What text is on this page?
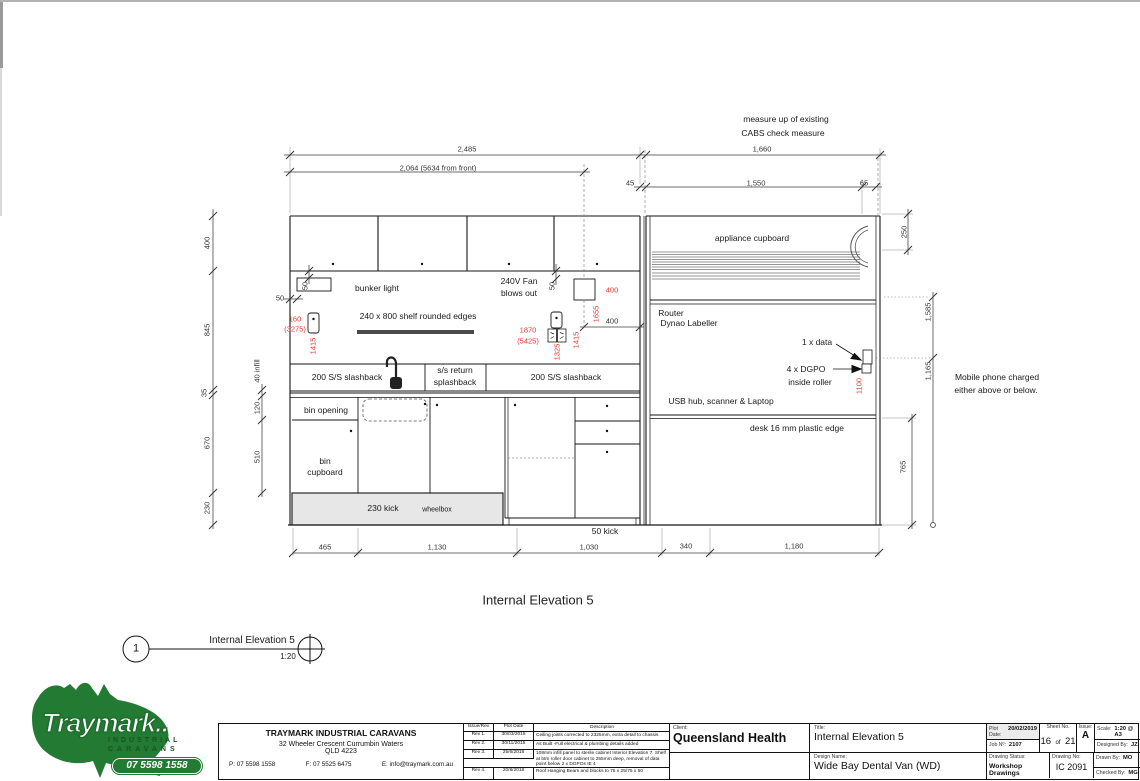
measure up of existing
CABS check measure
bunker light
240V Fan
blows out
240 x 800 shelf rounded edges
200 S/S slashback
s/s return
splashback	200 S/S slashback
bin opening
bin
cupboard
230 kick	wheelbox
50 kick
appliance cupboard
Router
Dynao Labeller
1 x data
4 x DGPO
inside roller
USB hub, scanner & Laptop
desk 16 mm plastic edge
Mobile phone charged
either above or below.
2,485
2,064 (5634 from front)
45
1,660
1,550	65
400
845
35
670
230
40 infill
120
510
50
50
50
400
250
1,585
1,165
765
465	1,130	1,030	340	1,180
160
(3275)
1415
1870
(5425)
1325
1415
400
1655
1100
Internal Elevation 5
1
Internal Elevation 5
1:20
Traymark..
INDUSTRIAL
CARAVANS
07 5598 1558
TRAYMARK INDUSTRIAL CARAVANS
32 Wheeler Crescent Currumbin Waters
QLD 4223
P: 07 5598 1558	F: 07 5525 6475	E: info@traymark.com.au
Issue/Rev	Plot Date	Description
Rev 1.	30/03/2015	Ceiling joists corrected to 2325mm, extra detail to chassis
Rev 2.	30/11/2015	As Built -Full electrical & plumbing details added
Rev 3.	25/6/2018	108mm infill panel to sterile cabinet Interior Elevation 7. Shelf at btm roller door cabinet to 255mm deep, removal of data point below 2 x DGPOs IE 4
Rev 4.	20/8/2018	Roof Hanging Beam and blocks to 75 x 25/75 x 50
Client:
Queensland Health
Title:
Internal Elevation 5
Design Name:
Wide Bay Dental Van (WD)
Plot Date:
20/02/2019
Job Nº: 2107
Sheet No.
16 of 21
Issue:
A
Scale: 1:20 @ A3
Designed By: JZ
Drawing Status:
Workshop Drawings
Drawing No:
IC 2091
Drawn By: MO
Checked By: MG
